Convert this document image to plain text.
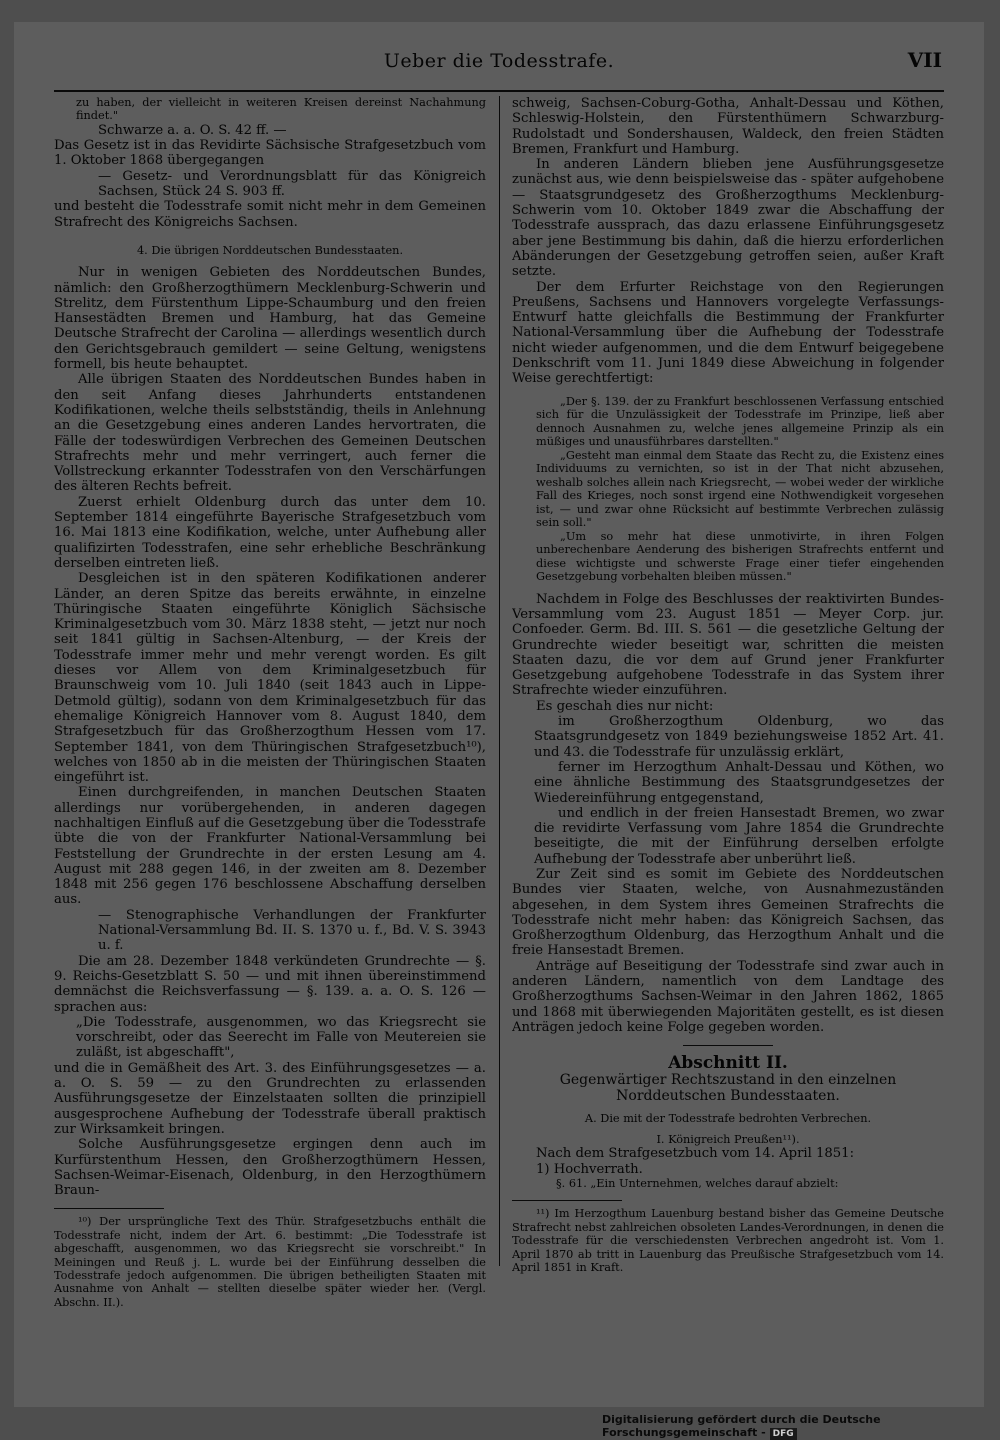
Ueber die Todesstrafe.	VII

zu haben, der vielleicht in weiteren Kreisen dereinst Nachahmung findet."

Schwarze a. a. O. S. 42 ff. —

Das Gesetz ist in das Revidirte Sächsische Strafgesetzbuch vom 1. Oktober 1868 übergegangen

— Gesetz- und Verordnungsblatt für das Königreich Sachsen, Stück 24 S. 903 ff.

und besteht die Todesstrafe somit nicht mehr in dem Gemeinen Strafrecht des Königreichs Sachsen.

4. Die übrigen Norddeutschen Bundesstaaten.

Nur in wenigen Gebieten des Norddeutschen Bundes, nämlich: den Großherzogthümern Mecklenburg-Schwerin und Strelitz, dem Fürstenthum Lippe-Schaumburg und den freien Hansestädten Bremen und Hamburg, hat das Gemeine Deutsche Strafrecht der Carolina — allerdings wesentlich durch den Gerichtsgebrauch gemildert — seine Geltung, wenigstens formell, bis heute behauptet.

Alle übrigen Staaten des Norddeutschen Bundes haben in den seit Anfang dieses Jahrhunderts entstandenen Kodifikationen, welche theils selbstständig, theils in Anlehnung an die Gesetzgebung eines anderen Landes hervortraten, die Fälle der todeswürdigen Verbrechen des Gemeinen Deutschen Strafrechts mehr und mehr verringert, auch ferner die Vollstreckung erkannter Todesstrafen von den Verschärfungen des älteren Rechts befreit.

Zuerst erhielt Oldenburg durch das unter dem 10. September 1814 eingeführte Bayerische Strafgesetzbuch vom 16. Mai 1813 eine Kodifikation, welche, unter Aufhebung aller qualifizirten Todesstrafen, eine sehr erhebliche Beschränkung derselben eintreten ließ.

Desgleichen ist in den späteren Kodifikationen anderer Länder, an deren Spitze das bereits erwähnte, in einzelne Thüringische Staaten eingeführte Königlich Sächsische Kriminalgesetzbuch vom 30. März 1838 steht, — jetzt nur noch seit 1841 gültig in Sachsen-Altenburg, — der Kreis der Todesstrafe immer mehr und mehr verengt worden. Es gilt dieses vor Allem von dem Kriminalgesetzbuch für Braunschweig vom 10. Juli 1840 (seit 1843 auch in Lippe-Detmold gültig), sodann von dem Kriminalgesetzbuch für das ehemalige Königreich Hannover vom 8. August 1840, dem Strafgesetzbuch für das Großherzogthum Hessen vom 17. September 1841, von dem Thüringischen Strafgesetzbuch¹⁰), welches von 1850 ab in die meisten der Thüringischen Staaten eingeführt ist.

Einen durchgreifenden, in manchen Deutschen Staaten allerdings nur vorübergehenden, in anderen dagegen nachhaltigen Einfluß auf die Gesetzgebung über die Todesstrafe übte die von der Frankfurter National-Versammlung bei Feststellung der Grundrechte in der ersten Lesung am 4. August mit 288 gegen 146, in der zweiten am 8. Dezember 1848 mit 256 gegen 176 beschlossene Abschaffung derselben aus.

— Stenographische Verhandlungen der Frankfurter National-Versammlung Bd. II. S. 1370 u. f., Bd. V. S. 3943 u. f.

Die am 28. Dezember 1848 verkündeten Grundrechte — §. 9. Reichs-Gesetzblatt S. 50 — und mit ihnen übereinstimmend demnächst die Reichsverfassung — §. 139. a. a. O. S. 126 — sprachen aus:

„Die Todesstrafe, ausgenommen, wo das Kriegsrecht sie vorschreibt, oder das Seerecht im Falle von Meutereien sie zuläßt, ist abgeschafft",

und die in Gemäßheit des Art. 3. des Einführungsgesetzes — a. a. O. S. 59 — zu den Grundrechten zu erlassenden Ausführungsgesetze der Einzelstaaten sollten die prinzipiell ausgesprochene Aufhebung der Todesstrafe überall praktisch zur Wirksamkeit bringen.

Solche Ausführungsgesetze ergingen denn auch im Kurfürstenthum Hessen, den Großherzogthümern Hessen, Sachsen-Weimar-Eisenach, Oldenburg, in den Herzogthümern Braun-

¹⁰) Der ursprüngliche Text des Thür. Strafgesetzbuchs enthält die Todesstrafe nicht, indem der Art. 6. bestimmt: „Die Todesstrafe ist abgeschafft, ausgenommen, wo das Kriegsrecht sie vorschreibt." In Meiningen und Reuß j. L. wurde bei der Einführung desselben die Todesstrafe jedoch aufgenommen. Die übrigen betheiligten Staaten mit Ausnahme von Anhalt — stellten dieselbe später wieder her. (Vergl. Abschn. II.).

schweig, Sachsen-Coburg-Gotha, Anhalt-Dessau und Köthen, Schleswig-Holstein, den Fürstenthümern Schwarzburg-Rudolstadt und Sondershausen, Waldeck, den freien Städten Bremen, Frankfurt und Hamburg.

In anderen Ländern blieben jene Ausführungsgesetze zunächst aus, wie denn beispielsweise das - später aufgehobene — Staatsgrundgesetz des Großherzogthums Mecklenburg-Schwerin vom 10. Oktober 1849 zwar die Abschaffung der Todesstrafe aussprach, das dazu erlassene Einführungsgesetz aber jene Bestimmung bis dahin, daß die hierzu erforderlichen Abänderungen der Gesetzgebung getroffen seien, außer Kraft setzte.

Der dem Erfurter Reichstage von den Regierungen Preußens, Sachsens und Hannovers vorgelegte Verfassungs-Entwurf hatte gleichfalls die Bestimmung der Frankfurter National-Versammlung über die Aufhebung der Todesstrafe nicht wieder aufgenommen, und die dem Entwurf beigegebene Denkschrift vom 11. Juni 1849 diese Abweichung in folgender Weise gerechtfertigt:

„Der §. 139. der zu Frankfurt beschlossenen Verfassung entschied sich für die Unzulässigkeit der Todesstrafe im Prinzipe, ließ aber dennoch Ausnahmen zu, welche jenes allgemeine Prinzip als ein müßiges und unausführbares darstellten."

„Gesteht man einmal dem Staate das Recht zu, die Existenz eines Individuums zu vernichten, so ist in der That nicht abzusehen, weshalb solches allein nach Kriegsrecht, — wobei weder der wirkliche Fall des Krieges, noch sonst irgend eine Nothwendigkeit vorgesehen ist, — und zwar ohne Rücksicht auf bestimmte Verbrechen zulässig sein soll."

„Um so mehr hat diese unmotivirte, in ihren Folgen unberechenbare Aenderung des bisherigen Strafrechts entfernt und diese wichtigste und schwerste Frage einer tiefer eingehenden Gesetzgebung vorbehalten bleiben müssen."

Nachdem in Folge des Beschlusses der reaktivirten Bundes-Versammlung vom 23. August 1851 — Meyer Corp. jur. Confoeder. Germ. Bd. III. S. 561 — die gesetzliche Geltung der Grundrechte wieder beseitigt war, schritten die meisten Staaten dazu, die vor dem auf Grund jener Frankfurter Gesetzgebung aufgehobene Todesstrafe in das System ihrer Strafrechte wieder einzuführen.

Es geschah dies nur nicht:

im Großherzogthum Oldenburg, wo das Staatsgrundgesetz von 1849 beziehungsweise 1852 Art. 41. und 43. die Todesstrafe für unzulässig erklärt,

ferner im Herzogthum Anhalt-Dessau und Köthen, wo eine ähnliche Bestimmung des Staatsgrundgesetzes der Wiedereinführung entgegenstand,

und endlich in der freien Hansestadt Bremen, wo zwar die revidirte Verfassung vom Jahre 1854 die Grundrechte beseitigte, die mit der Einführung derselben erfolgte Aufhebung der Todesstrafe aber unberührt ließ.

Zur Zeit sind es somit im Gebiete des Norddeutschen Bundes vier Staaten, welche, von Ausnahmezuständen abgesehen, in dem System ihres Gemeinen Strafrechts die Todesstrafe nicht mehr haben: das Königreich Sachsen, das Großherzogthum Oldenburg, das Herzogthum Anhalt und die freie Hansestadt Bremen.

Anträge auf Beseitigung der Todesstrafe sind zwar auch in anderen Ländern, namentlich von dem Landtage des Großherzogthums Sachsen-Weimar in den Jahren 1862, 1865 und 1868 mit überwiegenden Majoritäten gestellt, es ist diesen Anträgen jedoch keine Folge gegeben worden.

Abschnitt II.

Gegenwärtiger Rechtszustand in den einzelnen Norddeutschen Bundesstaaten.

A. Die mit der Todesstrafe bedrohten Verbrechen.

I. Königreich Preußen¹¹).

Nach dem Strafgesetzbuch vom 14. April 1851:

1) Hochverrath.

§. 61. „Ein Unternehmen, welches darauf abzielt:

¹¹) Im Herzogthum Lauenburg bestand bisher das Gemeine Deutsche Strafrecht nebst zahlreichen obsoleten Landes-Verordnungen, in denen die Todesstrafe für die verschiedensten Verbrechen angedroht ist. Vom 1. April 1870 ab tritt in Lauenburg das Preußische Strafgesetzbuch vom 14. April 1851 in Kraft.

Digitalisierung gefördert durch die Deutsche Forschungsgemeinschaft - DFG
